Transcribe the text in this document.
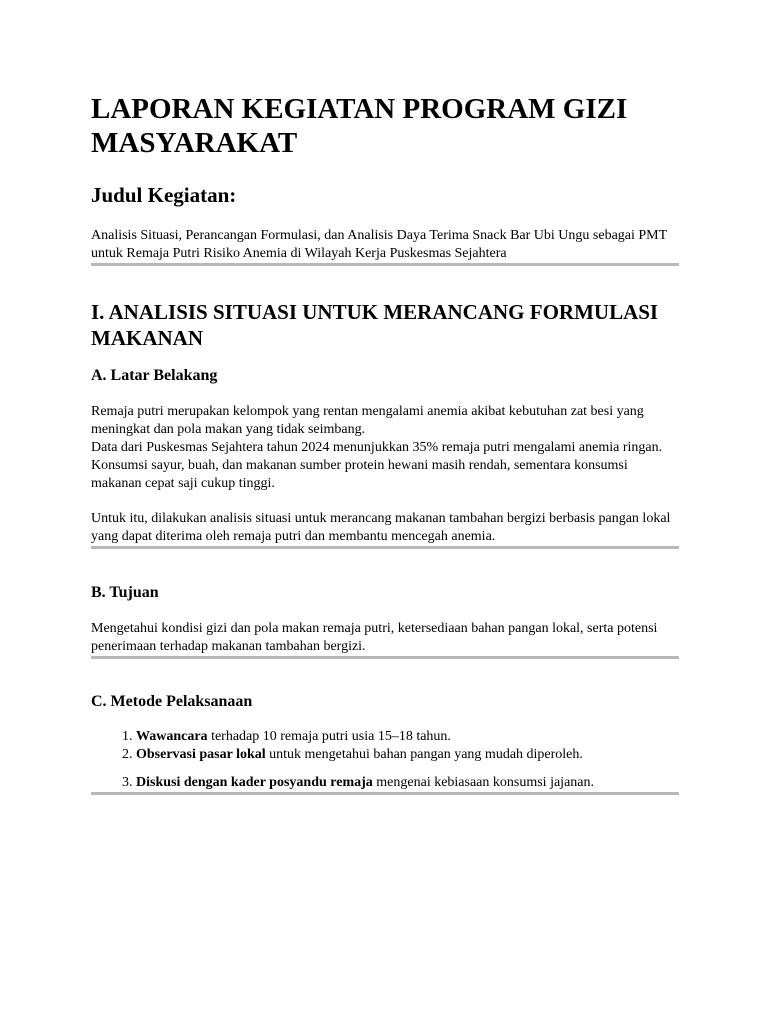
LAPORAN KEGIATAN PROGRAM GIZI MASYARAKAT
Judul Kegiatan:

Analisis Situasi, Perancangan Formulasi, dan Analisis Daya Terima Snack Bar Ubi Ungu sebagai PMT untuk Remaja Putri Risiko Anemia di Wilayah Kerja Puskesmas Sejahtera

I. ANALISIS SITUASI UNTUK MERANCANG FORMULASI MAKANAN
A. Latar Belakang

Remaja putri merupakan kelompok yang rentan mengalami anemia akibat kebutuhan zat besi yang meningkat dan pola makan yang tidak seimbang.

Data dari Puskesmas Sejahtera tahun 2024 menunjukkan 35% remaja putri mengalami anemia ringan.

Konsumsi sayur, buah, dan makanan sumber protein hewani masih rendah, sementara konsumsi makanan cepat saji cukup tinggi.

Untuk itu, dilakukan analisis situasi untuk merancang makanan tambahan bergizi berbasis pangan lokal yang dapat diterima oleh remaja putri dan membantu mencegah anemia.

B. Tujuan

Mengetahui kondisi gizi dan pola makan remaja putri, ketersediaan bahan pangan lokal, serta potensi penerimaan terhadap makanan tambahan bergizi.

C. Metode Pelaksanaan
1. Wawancara terhadap 10 remaja putri usia 15–18 tahun.
2. Observasi pasar lokal untuk mengetahui bahan pangan yang mudah diperoleh.
3. Diskusi dengan kader posyandu remaja mengenai kebiasaan konsumsi jajanan.
